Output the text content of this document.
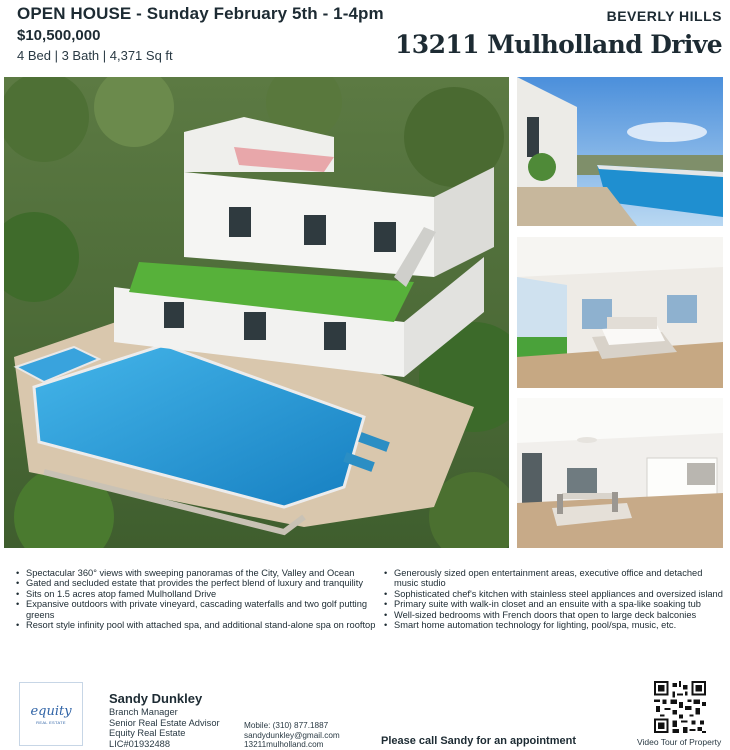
OPEN HOUSE - Sunday February 5th - 1-4pm
$10,500,000
4 Bed | 3 Bath | 4,371 Sq ft
BEVERLY HILLS
13211 Mulholland Drive
• Spectacular 360° views with sweeping panoramas of the City, Valley and Ocean
• Gated and secluded estate that provides the perfect blend of luxury and tranquility
• Sits on 1.5 acres atop famed Mulholland Drive
• Expansive outdoors with private vineyard, cascading waterfalls and two golf putting greens
• Resort style infinity pool with attached spa, and additional stand-alone spa on rooftop
• Generously sized open entertainment areas, executive office and detached music studio
• Sophisticated chef's kitchen with stainless steel appliances and oversized island
• Primary suite with walk-in closet and an ensuite with a spa-like soaking tub
• Well-sized bedrooms with French doors that open to large deck balconies
• Smart home automation technology for lighting, pool/spa, music, etc.
equity
REAL ESTATE
Sandy Dunkley
Branch Manager
Senior Real Estate Advisor
Equity Real Estate
LIC#01932488
Mobile: (310) 877.1887
sandydunkley@gmail.com
13211mulholland.com	Please call Sandy for an appointment	Video Tour of Property
